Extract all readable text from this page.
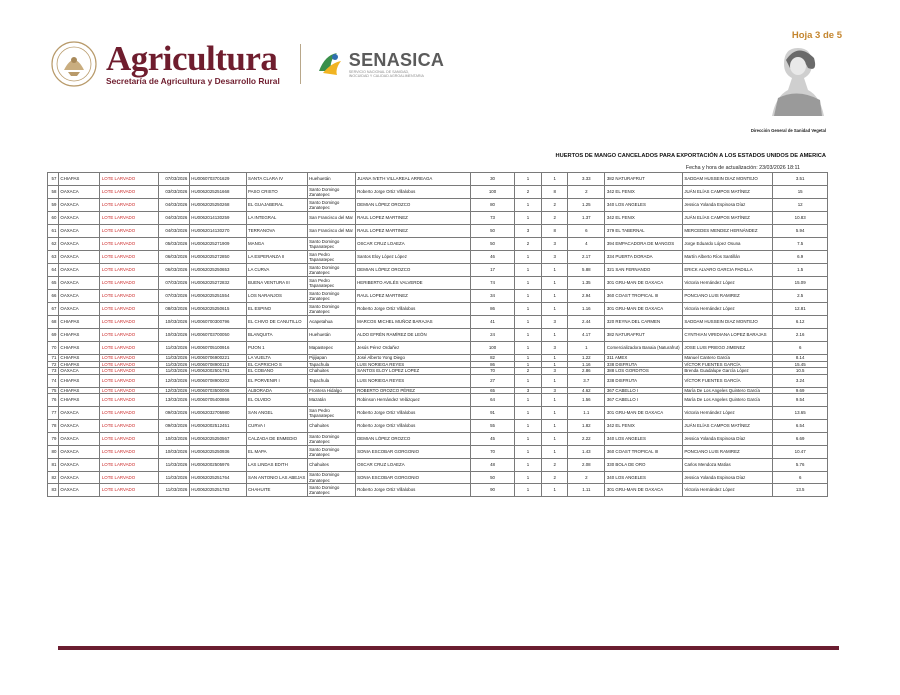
Hoja 3 de 5
Agricultura
Secretaría de Agricultura y Desarrollo Rural
SENASICA
SERVICIO NACIONAL DE SANIDAD,
INOCUIDAD Y CALIDAD AGROALIMENTARIA
Dirección General de Sanidad Vegetal
HUERTOS DE MANGO CANCELADOS PARA EXPORTACIÓN A LOS ESTADOS UNIDOS DE AMERICA
Fecha y hora de actualización: 23/03/2026 18:11
57	CHIAPAS	LOTE LARVADO	07/03/2026	HU0060703701629	SANTA CLARA IV	Huehuetán	JUANA IVETH VILLAREAL ARREAGA	30	1	1	3.33	382 NATURAFRUT	SADDAM HUSSEIN DIAZ MONTEJO	3.51
58	OAXACA	LOTE LARVADO	03/03/2026	HU0062025251668	PASO CRISTO	Santo Domingo Zanatepec	Roberto Jorge Ortiz Villalobos	100	2	8	2	342 EL FENIX	JUÁN ELÍAS CAMPOS MATÍNEZ	15
59	OAXACA	LOTE LARVADO	04/03/2026	HU0062025250268	EL GUAJABERAL	Santo Domingo Zanatepec	DEMIAN LÓPEZ OROZCO	80	1	2	1.25	340 LOS ANGELES	Jessica Yolanda Espinosa Díaz	12
60	OAXACA	LOTE LARVADO	04/03/2026	HU0062014130259	LA INTEGRAL	San Francisco del Mar	RAUL LOPEZ MARTINEZ	73	1	2	1.37	342 EL FENIX	JUÁN ELÍAS CAMPOS MATÍNEZ	10.83
61	OAXACA	LOTE LARVADO	04/03/2026	HU0062014130270	TERRANOVA	San Francisco del Mar	RAUL LOPEZ MARTINEZ	50	3	8	6	379 EL TABERNAL	MERCEDES MENDEZ HERNÁNDEZ	5.94
62	OAXACA	LOTE LARVADO	05/03/2026	HU0062025271909	MANGA	Santo Domingo Tapanatepec	OSCAR CRUZ LOAEZA	50	2	3	4	394 EMPACADORA DE MANGOS	Jorge Eduardo López Osuna	7.5
63	OAXACA	LOTE LARVADO	06/03/2026	HU0062025272850	LA ESPERANZA II	San Pedro Tapanatepec	Santos Eloy López López	46	1	3	2.17	334 PUERTA DORADA	Martín Alberto Ríos Santillán	6.9
64	OAXACA	LOTE LARVADO	06/03/2026	HU0062025250653	LA CURVA	Santo Domingo Zanatepec	DEMIAN LÓPEZ OROZCO	17	1	1	5.88	321 SAN FERNANDO	ERICK ALVARO GARCIA PADILLA	1.5
65	OAXACA	LOTE LARVADO	07/03/2026	HU0062025272832	BUENA VENTURA III	San Pedro Tapanatepec	HERIBERTO AVILÉS VALVERDE	74	1	1	1.35	301 GRU-MAN DE OAXACA	Victoria Hernández López	15.09
66	OAXACA	LOTE LARVADO	07/03/2026	HU0062025251554	LOS NARANJOS	Santo Domingo Zanatepec	RAUL LOPEZ MARTINEZ	34	1	1	2.94	360 COAST TROPICAL III	PONCIANO LUIS RAMIREZ	2.5
67	OAXACA	LOTE LARVADO	08/03/2026	HU0062025250615	EL ESPINO	Santo Domingo Zanatepec	Roberto Jorge Ortiz Villalobos	86	1	1	1.16	301 GRU-MAN DE OAXACA	Victoria Hernández López	12.81
68	CHIAPAS	LOTE LARVADO	10/03/2026	HU0060700300796	EL CHIVO DE CANUTILLO	Acapetahua	MARCOS MICHEL MUÑOZ BARAJAS	41	1	3	2.44	320 REYNA DEL CARMEN	SADDAM HUSSEIN DIAZ MONTEJO	6.12
69	CHIAPAS	LOTE LARVADO	10/03/2026	HU0060703700050	BLANQUITA	Huehuetán	ALDO EFRÉN RAMÍREZ DE LEÓN	24	1	1	4.17	382 NATURAFRUT	CYNTHIAN VIRIDIANA LOPEZ BARAJAS	2.16
70	CHIAPAS	LOTE LARVADO	11/03/2026	HU0060705100916	PIJON 1	Mapastepec	Jesús Pérez Ordañez	100	1	3	1	Comercializadora Banaia (Naturafrut)	JOSE LUIS PRIEGO JIMENEZ	6
71	CHIAPAS	LOTE LARVADO	11/03/2026	HU0060706900221	LA VUELTA	Pijijiapan	José Alberto Yong Diego	82	1	1	1.22	311 AMEX	Manuel Cantero García	8.14
72	CHIAPAS	LOTE LARVADO	11/03/2026	HU0060708900113	EL CAPRICHO S	Tapachula	LUIS NORIEGA REYES	86	1	1	1.16	338 DISFRUTA	VÍCTOR FUENTES GARCÍA	15.45
73	OAXACA	LOTE LARVADO	11/03/2026	HU0062002501791	EL COBANO	Chahuites	SANTOS ELOY LOPEZ LOPEZ	70	2	3	2.86	388 LOS GORDITOS	Brenda Guadalupe García López	10.5
74	CHIAPAS	LOTE LARVADO	12/03/2026	HU0060708900202	EL PORVENIR I	Tapachula	LUIS NORIEGA REYES	27	1	1	3.7	338 DISFRUTA	VÍCTOR FUENTES GARCÍA	3.24
75	CHIAPAS	LOTE LARVADO	12/03/2026	HU0060703500006	ALBORADA	Frontera Hidalgo	ROBERTO OROZCO PÉREZ	65	3	3	4.62	367 CABELLO I	María De Los Angeles Quintero García	9.69
76	CHIAPAS	LOTE LARVADO	13/03/2026	HU0060705400866	EL OLVIDO	Mazatán	Robinson Hernández Velázquez	64	1	1	1.56	367 CABELLO I	María De Los Angeles Quintero García	9.54
77	OAXACA	LOTE LARVADO	09/03/2026	HU0062032705980	SAN ANGEL	San Pedro Tapanatepec	Roberto Jorge Ortiz Villalobos	91	1	1	1.1	301 GRU-MAN DE OAXACA	Victoria Hernández López	13.65
78	OAXACA	LOTE LARVADO	09/03/2026	HU0062002512451	CURVA I	Chahuites	Roberto Jorge Ortiz Villalobos	55	1	1	1.82	342 EL FENIX	JUÁN ELÍAS CAMPOS MATÍNEZ	6.54
79	OAXACA	LOTE LARVADO	10/03/2026	HU0062025250567	CALZADA DE ENMEDIO	Santo Domingo Zanatepec	DEMIAN LÓPEZ OROZCO	45	1	1	2.22	340 LOS ANGELES	Jessica Yolanda Espinosa Díaz	6.69
80	OAXACA	LOTE LARVADO	10/03/2026	HU0062025250936	EL MAPA	Santo Domingo Zanatepec	SONIA ESCOBAR GORGONIO	70	1	1	1.43	360 COAST TROPICAL III	PONCIANO LUIS RAMIREZ	10.47
81	OAXACA	LOTE LARVADO	11/03/2026	HU0062002505976	LAS LINDAS EDITH	Chahuites	OSCAR CRUZ LOAEZA	48	1	2	2.08	330 BOLA DE ORO	Carlos Mendoza Matías	5.76
82	OAXACA	LOTE LARVADO	11/03/2026	HU0062025251764	SAN ANTONIO LAS ABEJAS	Santo Domingo Zanatepec	SONIA ESCOBAR GORGONIO	50	1	2	2	340 LOS ANGELES	Jessica Yolanda Espinosa Díaz	6
83	OAXACA	LOTE LARVADO	11/03/2026	HU0062025251783	CHAHUITE	Santo Domingo Zanatepec	Roberto Jorge Ortiz Villalobos	90	1	1	1.11	301 GRU-MAN DE OAXACA	Victoria Hernández López	13.5
